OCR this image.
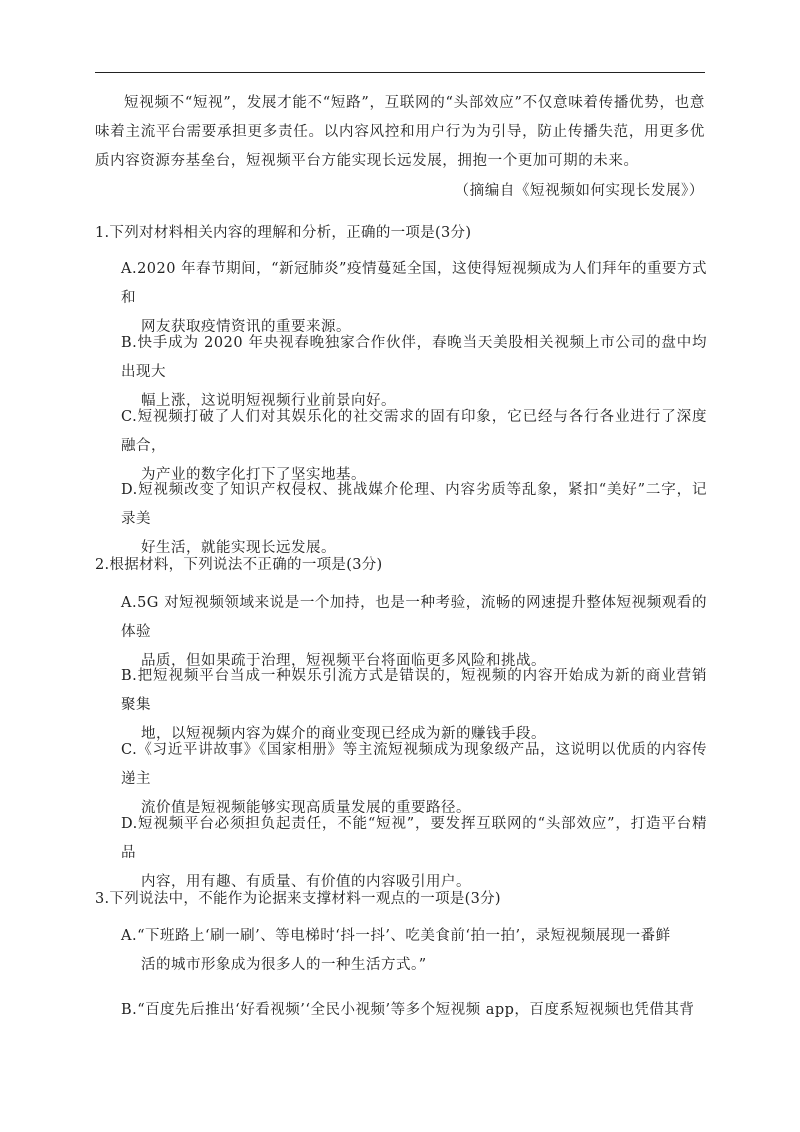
短视频不“短视”，发展才能不“短路”，互联网的“头部效应”不仅意味着传播优势，也意味着主流平台需要承担更多责任。以内容风控和用户行为为引导，防止传播失范，用更多优质内容资源夯基垒台，短视频平台方能实现长远发展，拥抱一个更加可期的未来。
（摘编自《短视频如何实现长发展》）
1.下列对材料相关内容的理解和分析，正确的一项是(3分)
A.2020 年春节期间，“新冠肺炎”疫情蔓延全国，这使得短视频成为人们拜年的重要方式和
网友获取疫情资讯的重要来源。
B.快手成为 2020 年央视春晚独家合作伙伴，春晚当天美股相关视频上市公司的盘中均出现大
幅上涨，这说明短视频行业前景向好。
C.短视频打破了人们对其娱乐化的社交需求的固有印象，它已经与各行各业进行了深度融合，
为产业的数字化打下了坚实地基。
D.短视频改变了知识产权侵权、挑战媒介伦理、内容劣质等乱象，紧扣“美好”二字，记录美
好生活，就能实现长远发展。
2.根据材料，下列说法不正确的一项是(3分)
A.5G 对短视频领域来说是一个加持，也是一种考验，流畅的网速提升整体短视频观看的体验
品质，但如果疏于治理，短视频平台将面临更多风险和挑战。
B.把短视频平台当成一种娱乐引流方式是错误的，短视频的内容开始成为新的商业营销聚集
地，以短视频内容为媒介的商业变现已经成为新的赚钱手段。
C.《习近平讲故事》《国家相册》等主流短视频成为现象级产品，这说明以优质的内容传递主
流价值是短视频能够实现高质量发展的重要路径。
D.短视频平台必须担负起责任，不能“短视”，要发挥互联网的“头部效应”，打造平台精品
内容，用有趣、有质量、有价值的内容吸引用户。
3.下列说法中，不能作为论据来支撑材料一观点的一项是(3分)
A.“下班路上‘刷一刷’、等电梯时‘抖一抖’、吃美食前‘拍一拍’，录短视频展现一番鲜
活的城市形象成为很多人的一种生活方式。”
B.“百度先后推出‘好看视频’‘全民小视频’等多个短视频 app，百度系短视频也凭借其背
